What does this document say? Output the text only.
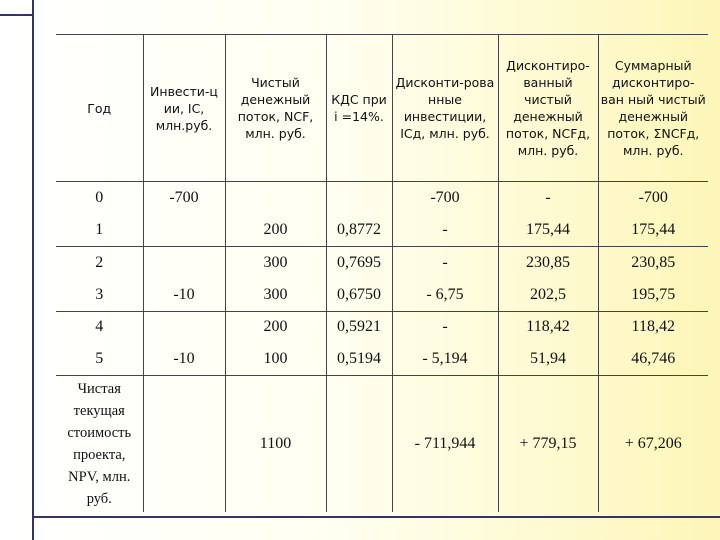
Год	Инвести-ц ии, IC, млн.руб.	Чистый денежный поток, NCF, млн. руб.	КДС при i =14%.	Дисконти-рова нные инвестиции, ICд, млн. руб.	Дисконтиро-ванный чистый денежный поток, NCFд, млн. руб.	Суммарный дисконтиро-ван ный чистый денежный поток, ΣNCFд, млн. руб.
0	-700			-700	-	-700
1		200	0,8772	-	175,44	175,44
2		300	0,7695	-	230,85	230,85
3	-10	300	0,6750	- 6,75	202,5	195,75
4		200	0,5921	-	118,42	118,42
5	-10	100	0,5194	- 5,194	51,94	46,746
Чистая текущая стоимость проекта, NPV, млн. руб.		1100		- 711,944	+ 779,15	+ 67,206
